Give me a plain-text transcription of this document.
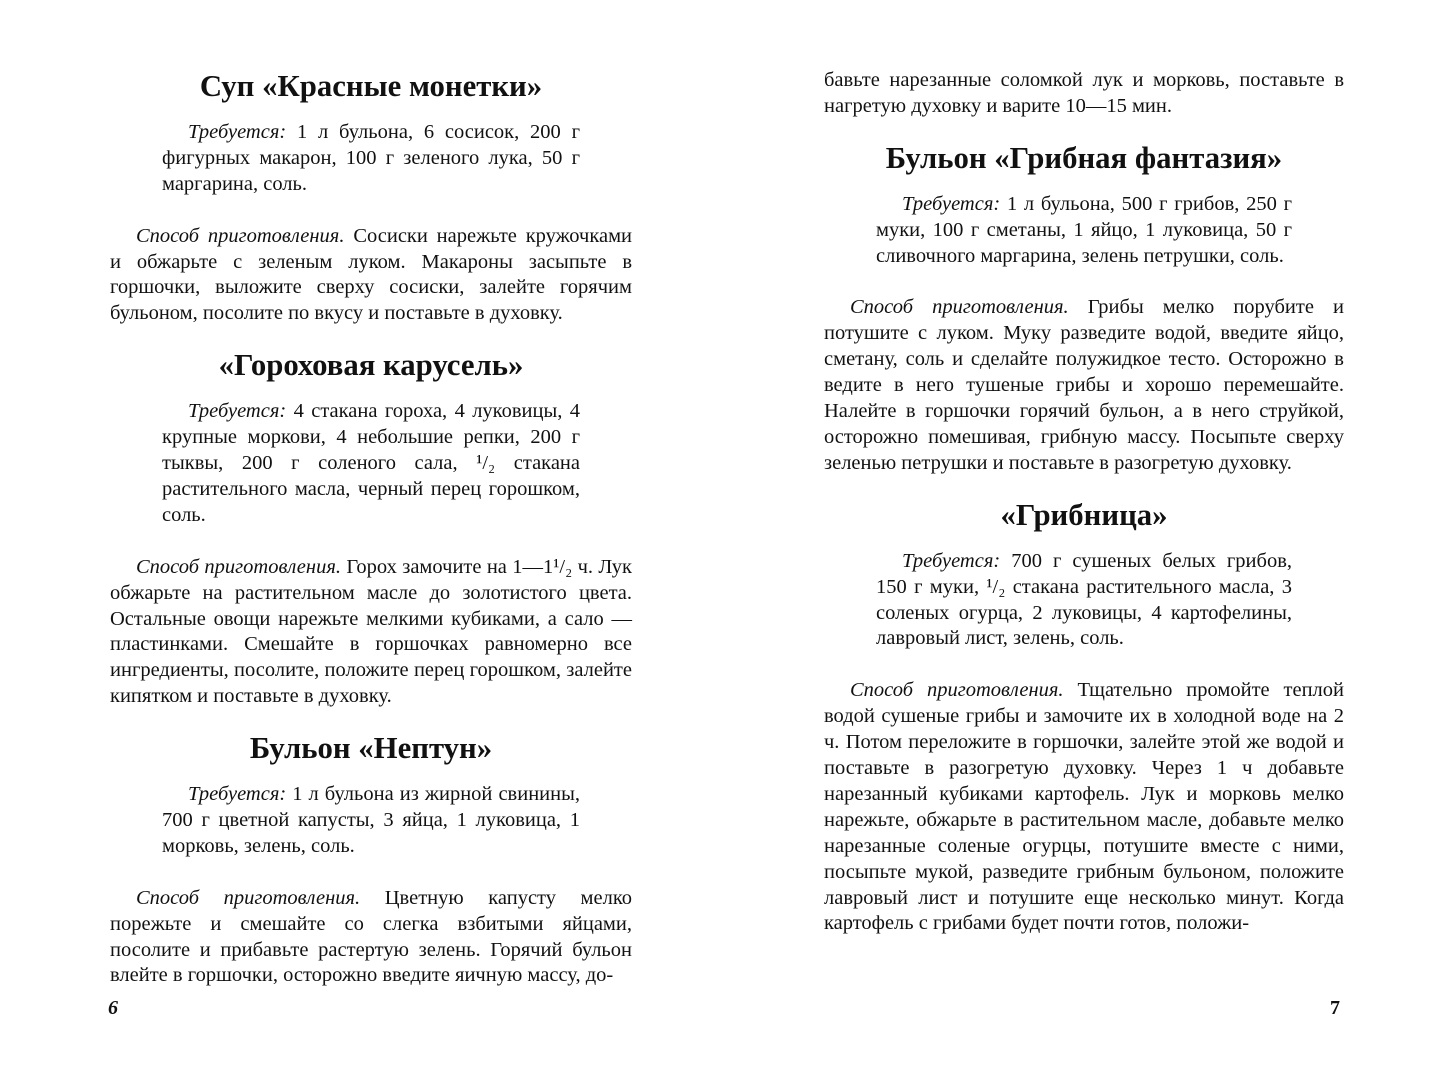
Суп «Красные монетки»

Требуется: 1 л бульона, 6 сосисок, 200 г фигурных макарон, 100 г зеленого лука, 50 г маргарина, соль.

Способ приготовления. Сосиски нарежьте кружочками и обжарьте с зеленым луком. Макароны засыпьте в горшочки, выложите сверху сосиски, залейте горячим бульоном, посолите по вкусу и поставьте в духовку.

«Гороховая карусель»

Требуется: 4 стакана гороха, 4 луковицы, 4 крупные моркови, 4 небольшие репки, 200 г тыквы, 200 г соленого сала, ¹/₂ стакана растительного масла, черный перец горошком, соль.

Способ приготовления. Горох замочите на 1—1¹/₂ ч. Лук обжарьте на растительном масле до золотистого цвета. Остальные овощи нарежьте мелкими кубиками, а сало — пластинками. Смешайте в горшочках равномерно все ингредиенты, посолите, положите перец горошком, залейте кипятком и поставьте в духовку.

Бульон «Нептун»

Требуется: 1 л бульона из жирной свинины, 700 г цветной капусты, 3 яйца, 1 луковица, 1 морковь, зелень, соль.

Способ приготовления. Цветную капусту мелко порежьте и смешайте со слегка взбитыми яйцами, посолите и прибавьте растертую зелень. Горячий бульон влейте в горшочки, осторожно введите яичную массу, до-

6

бавьте нарезанные соломкой лук и морковь, поставьте в нагретую духовку и варите 10—15 мин.

Бульон «Грибная фантазия»

Требуется: 1 л бульона, 500 г грибов, 250 г муки, 100 г сметаны, 1 яйцо, 1 луковица, 50 г сливочного маргарина, зелень петрушки, соль.

Способ приготовления. Грибы мелко порубите и потушите с луком. Муку разведите водой, введите яйцо, сметану, соль и сделайте полужидкое тесто. Осторожно в ведите в него тушеные грибы и хорошо перемешайте. Налейте в горшочки горячий бульон, а в него струйкой, осторожно помешивая, грибную массу. Посыпьте сверху зеленью петрушки и поставьте в разогретую духовку.

«Грибница»

Требуется: 700 г сушеных белых грибов, 150 г муки, ¹/₂ стакана растительного масла, 3 соленых огурца, 2 луковицы, 4 картофелины, лавровый лист, зелень, соль.

Способ приготовления. Тщательно промойте теплой водой сушеные грибы и замочите их в холодной воде на 2 ч. Потом переложите в горшочки, залейте этой же водой и поставьте в разогретую духовку. Через 1 ч добавьте нарезанный кубиками картофель. Лук и морковь мелко нарежьте, обжарьте в растительном масле, добавьте мелко нарезанные соленые огурцы, потушите вместе с ними, посыпьте мукой, разведите грибным бульоном, положите лавровый лист и потушите еще несколько минут. Когда картофель с грибами будет почти готов, положи-

7
